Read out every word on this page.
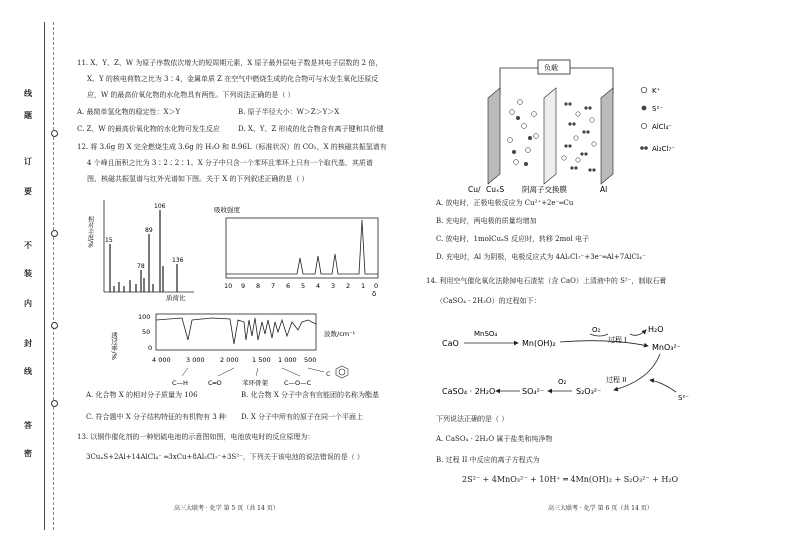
线
题
订
要
不
装
内
封
线
答
密
11. X、Y、Z、W 为原子序数依次增大的短周期元素，X 原子最外层电子数是其电子层数的 2 倍，
X、Y 的核电荷数之比为 3∶4，金属单质 Z 在空气中燃烧生成的化合物可与水发生氧化还原反
应，W 的最高价氧化物的水化物具有两性。下列说法正确的是（ ）
A. 最简单氢化物的稳定性：X＞Y	B. 原子半径大小：W＞Z＞Y＞X
C. Z、W 的最高价氧化物的水化物可发生反应	D. X、Y、Z 形成的化合物含有离子键和共价键
12. 将 3.6g 的 X 完全燃烧生成 3.6g 的 H₂O 和 8.96L（标准状况）的 CO₂，X 的核磁共振氢谱有
4 个峰且面积之比为 3∶2∶2∶1。X 分子中只含一个苯环且苯环上只有一个取代基，其质谱
图、核磁共振氢谱与红外光谱如下图。关于 X 的下列叙述正确的是（ ）
相对丰度/% 15
78
89
106
136
质荷比
吸收强度
10 9 8 7 6 5 4 3 2 1 0
δ
透过率/%
100
50
0
4 000 3 000 2 000 1 500 1 000 500
波数/cm⁻¹
C—H	C═O	苯环骨架 C—O—C
C
A. 化合物 X 的相对分子质量为 106	B. 化合物 X 分子中含有官能团的名称为酯基
C. 符合题中 X 分子结构特征的有机物有 3 种 D. X 分子中所有的原子在同一个平面上
13. 以铜作催化剂的一种铝硫电池的示意图如图，电池放电时的反应原理为：
3CuₓS+2Al+14AlCl₄⁻ ═3xCu+8Al₂Cl₇⁻+3S²⁻，下列关于该电池的说法错误的是（ ）
高三大联考 · 化学 第 5 页（共 14 页）
负载
K⁺
S²⁻
AlCl₄⁻
Al₂Cl₇⁻
Cu/ CuₓS 阴离子交换膜	Al
A. 放电时，正极电极反应为 Cu²⁺+2e⁻═Cu
B. 充电时，两电极的质量均增加
C. 放电时，1molCuₓS 反应时，转移 2mol 电子
D. 充电时，Al 为阴极，电极反应式为 4Al₂Cl₇⁻+3e⁻═Al+7AlCl₄⁻
14. 利用空气催化氧化法除掉电石渣浆（含 CaO）上清液中的 S²⁻，制取石膏
（CaSO₄ · 2H₂O）的过程如下：
CaO
MnSO₄
Mn(OH)₂
O₂	H₂O
过程 I
MnO₃²⁻
CaSO₄ · 2H₂O	SO₄²⁻
O₂
S₂O₃²⁻
过程 II
S²⁻
下列说法正确的是（ ）
A. CaSO₄ · 2H₂O 属于盐类和纯净物
B. 过程 II 中反应的离子方程式为
2S²⁻ + 4MnO₃²⁻ + 10H⁺ ═ 4Mn(OH)₂ + S₂O₃²⁻ + H₂O
高三大联考 · 化学 第 6 页（共 14 页）
